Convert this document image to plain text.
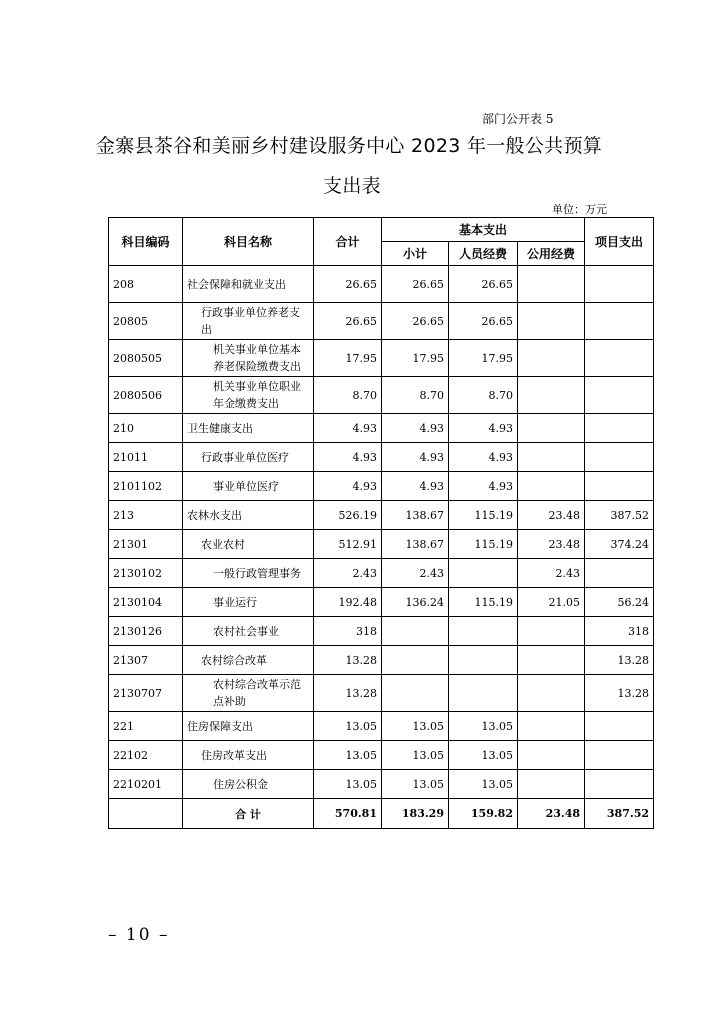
部门公开表 5
金寨县茶谷和美丽乡村建设服务中心 2023 年一般公共预算
支出表
单位：万元
科目编码	科目名称	合计	基本支出			项目支出
			小计	人员经费	公用经费	
208	社会保障和就业支出	26.65	26.65	26.65		
20805	行政事业单位养老支出	26.65	26.65	26.65		
2080505	机关事业单位基本养老保险缴费支出	17.95	17.95	17.95		
2080506	机关事业单位职业年金缴费支出	8.70	8.70	8.70		
210	卫生健康支出	4.93	4.93	4.93		
21011	行政事业单位医疗	4.93	4.93	4.93		
2101102	事业单位医疗	4.93	4.93	4.93		
213	农林水支出	526.19	138.67	115.19	23.48	387.52
21301	农业农村	512.91	138.67	115.19	23.48	374.24
2130102	一般行政管理事务	2.43	2.43		2.43	
2130104	事业运行	192.48	136.24	115.19	21.05	56.24
2130126	农村社会事业	318				318
21307	农村综合改革	13.28				13.28
2130707	农村综合改革示范点补助	13.28				13.28
221	住房保障支出	13.05	13.05	13.05		
22102	住房改革支出	13.05	13.05	13.05		
2210201	住房公积金	13.05	13.05	13.05		
	合 计	570.81	183.29	159.82	23.48	387.52
– 10 –
